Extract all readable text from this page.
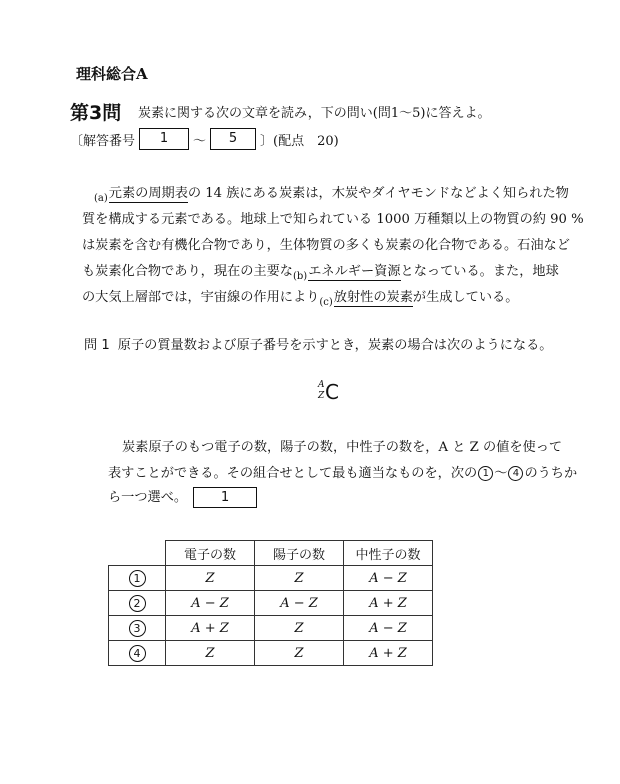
理科総合A
第3問 炭素に関する次の文章を読み，下の問い(問1～5)に答えよ。
〔解答番号	1	～	5	〕(配点　20)
$_{(a)}$元素の周期表の 14 族にある炭素は，木炭やダイヤモンドなどよく知られた物
質を構成する元素である。地球上で知られている 1000 万種類以上の物質の約 90 %
は炭素を含む有機化合物であり，生体物質の多くも炭素の化合物である。石油など
も炭素化合物であり，現在の主要な$_{(b)}$エネルギー資源となっている。また，地球
の大気上層部では，宇宙線の作用により$_{(c)}$放射性の炭素が生成している。
問 1 原子の質量数および原子番号を示すとき，炭素の場合は次のようになる。
A
Z C
炭素原子のもつ電子の数，陽子の数，中性子の数を，A と Z の値を使って
表すことができる。その組合せとして最も適当なものを，次の 1 ～ 4 のうちか
ら一つ選べ。	1
	電子の数	陽子の数	中性子の数
1	Z	Z	A − Z
2	A − Z	A − Z	A + Z
3	A + Z	Z	A − Z
4	Z	Z	A + Z
